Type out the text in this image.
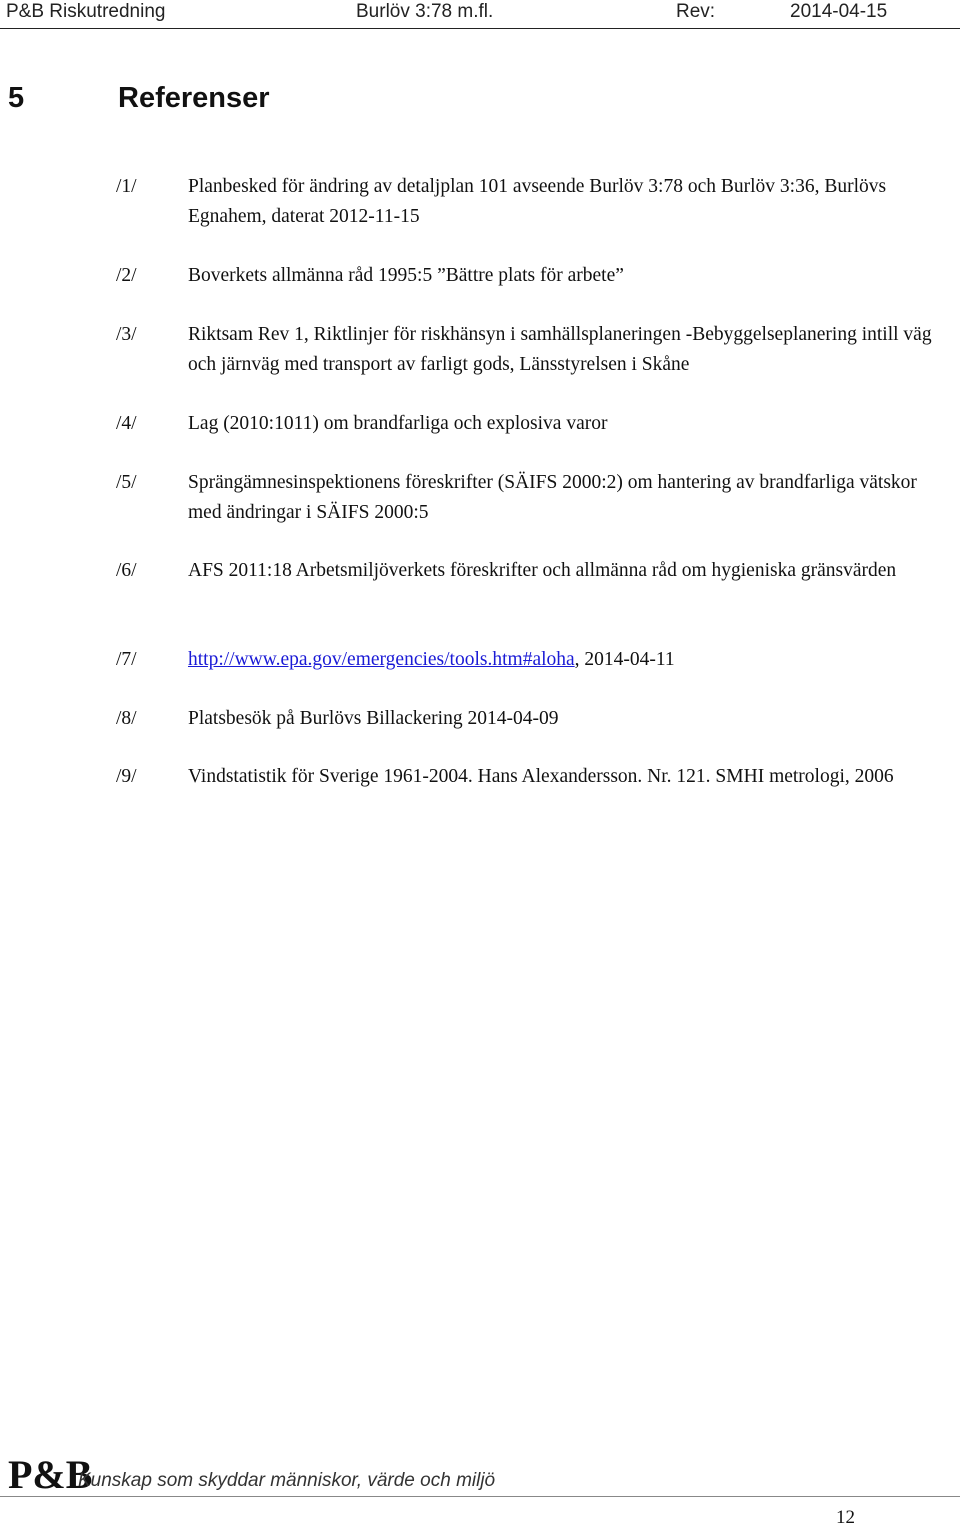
P&B Riskutredning	Burlöv 3:78 m.fl.	Rev:	2014-04-15
5	Referenser
/1/	Planbesked för ändring av detaljplan 101 avseende Burlöv 3:78 och Burlöv 3:36, Burlövs Egnahem, daterat 2012-11-15
/2/	Boverkets allmänna råd 1995:5 ”Bättre plats för arbete”
/3/	Riktsam Rev 1, Riktlinjer för riskhänsyn i samhällsplaneringen -Bebyggelseplanering intill väg och järnväg med transport av farligt gods, Länsstyrelsen i Skåne
/4/	Lag (2010:1011) om brandfarliga och explosiva varor
/5/	Sprängämnesinspektionens föreskrifter (SÄIFS 2000:2) om hantering av brandfarliga vätskor med ändringar i SÄIFS 2000:5
/6/	AFS 2011:18 Arbetsmiljöverkets föreskrifter och allmänna råd om hygieniska gränsvärden
/7/	http://www.epa.gov/emergencies/tools.htm#aloha, 2014-04-11
/8/	Platsbesök på Burlövs Billackering 2014-04-09
/9/	Vindstatistik för Sverige 1961-2004. Hans Alexandersson. Nr. 121. SMHI metrologi, 2006
P&B
Kunskap som skyddar människor, värde och miljö
12
